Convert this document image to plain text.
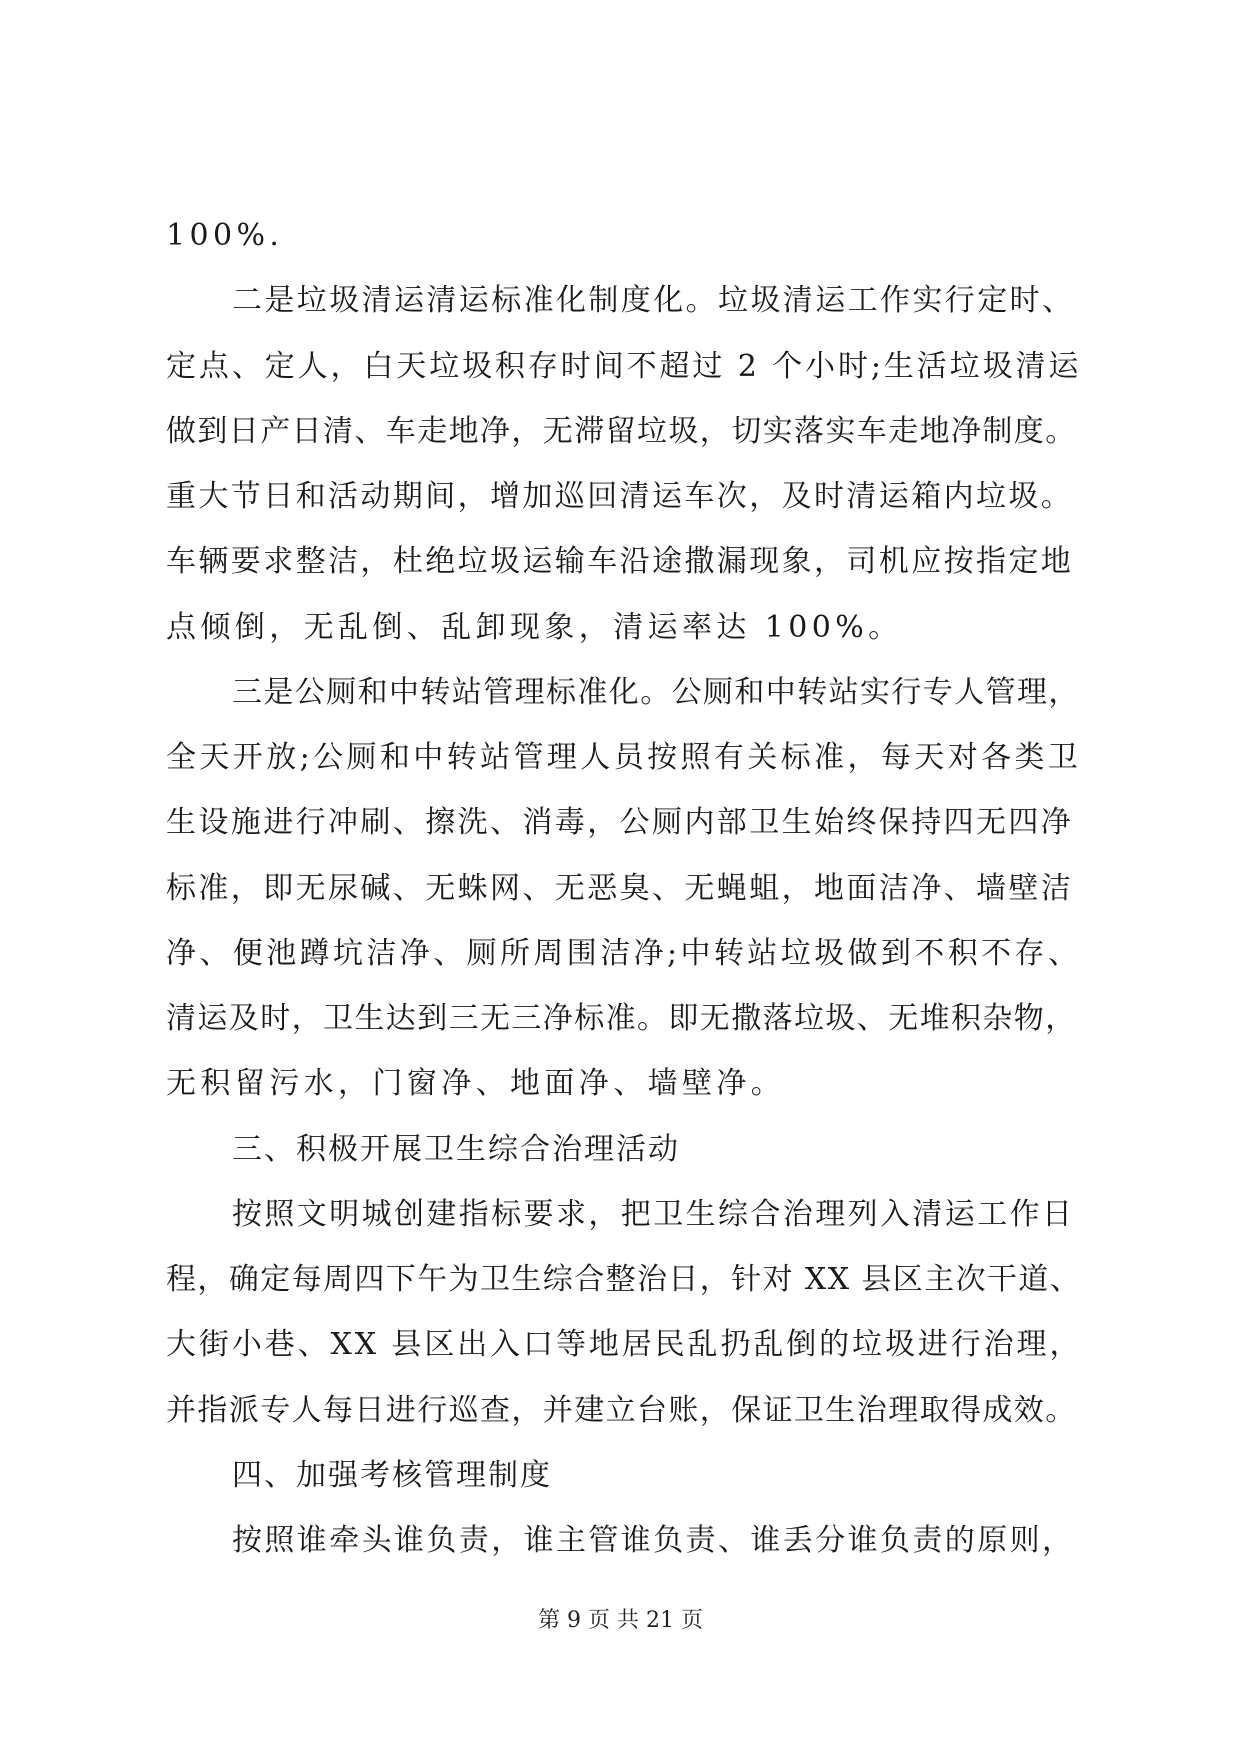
100%.
二是垃圾清运清运标准化制度化。垃圾清运工作实行定时、
定点、定人，白天垃圾积存时间不超过 2 个小时;生活垃圾清运
做到日产日清、车走地净，无滞留垃圾，切实落实车走地净制度。
重大节日和活动期间，增加巡回清运车次，及时清运箱内垃圾。
车辆要求整洁，杜绝垃圾运输车沿途撒漏现象，司机应按指定地
点倾倒，无乱倒、乱卸现象，清运率达 100%。
三是公厕和中转站管理标准化。公厕和中转站实行专人管理，
全天开放;公厕和中转站管理人员按照有关标准，每天对各类卫
生设施进行冲刷、擦洗、消毒，公厕内部卫生始终保持四无四净
标准，即无尿碱、无蛛网、无恶臭、无蝇蛆，地面洁净、墙壁洁
净、便池蹲坑洁净、厕所周围洁净;中转站垃圾做到不积不存、
清运及时，卫生达到三无三净标准。即无撒落垃圾、无堆积杂物，
无积留污水，门窗净、地面净、墙壁净。
三、积极开展卫生综合治理活动
按照文明城创建指标要求，把卫生综合治理列入清运工作日
程，确定每周四下午为卫生综合整治日，针对 XX 县区主次干道、
大街小巷、XX 县区出入口等地居民乱扔乱倒的垃圾进行治理，
并指派专人每日进行巡查，并建立台账，保证卫生治理取得成效。
四、加强考核管理制度
按照谁牵头谁负责，谁主管谁负责、谁丢分谁负责的原则，
第 9 页 共 21 页
